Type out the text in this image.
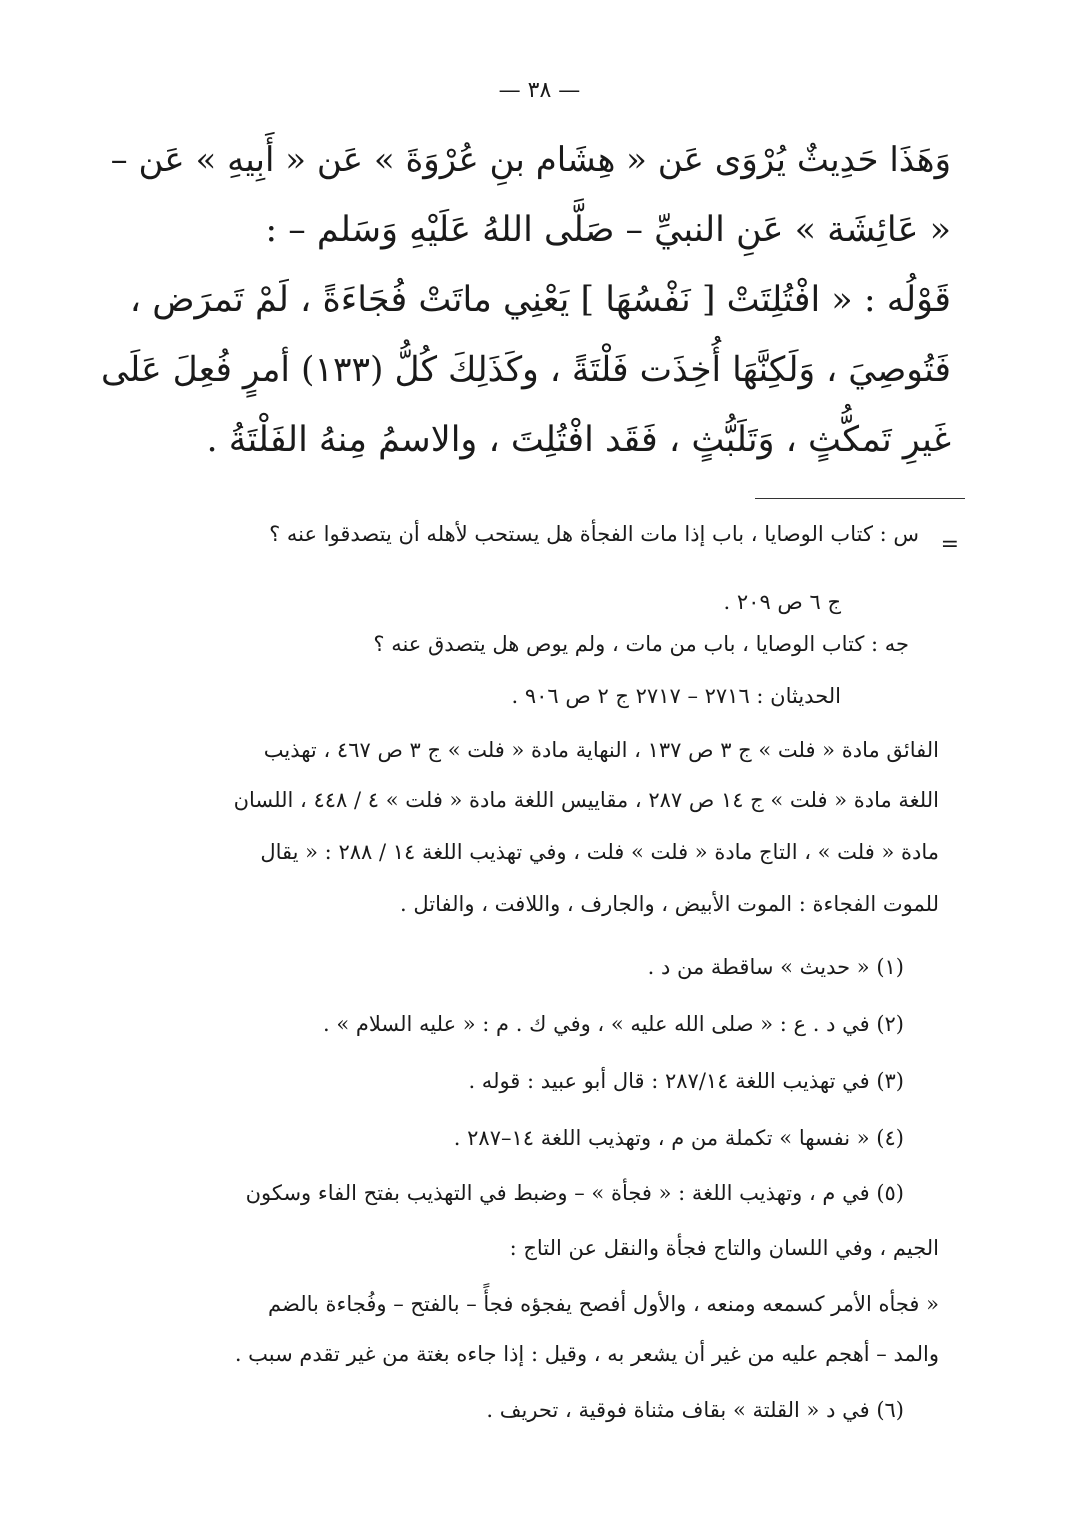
— ٣٨ —
وَهَذَا حَدِيثٌ يُرْوَى عَن « هِشَام بنِ عُرْوَةَ » عَن « أَبِيهِ » عَن –
« عَائِشَة » عَنِ النبيِّ – صَلَّى اللهُ عَلَيْهِ وَسَلم – :
قَوْلُه : « افْتُلِتَتْ [ نَفْسُهَا ] يَعْنِي ماتَتْ فُجَاءَةً ، لَمْ تَمرَض ،
فَتُوصِيَ ، وَلَكِنَّهَا أُخِذَت فَلْتَةً ، وكَذَلِكَ كُلُّ (١٣٣) أمرٍ فُعِلَ عَلَى
غَيرِ تَمكُّثٍ ، وَتَلَبُّثٍ ، فَقَد افْتُلِتَ ، والاسمُ مِنهُ الفَلْتَةُ .
=
س : كتاب الوصايا ، باب إذا مات الفجأة هل يستحب لأهله أن يتصدقوا عنه ؟
ج ٦ ص ٢٠٩ .
جه : كتاب الوصايا ، باب من مات ، ولم يوص هل يتصدق عنه ؟
الحديثان : ٢٧١٦ – ٢٧١٧ ج ٢ ص ٩٠٦ .
الفائق مادة « فلت » ج ٣ ص ١٣٧ ، النهاية مادة « فلت » ج ٣ ص ٤٦٧ ، تهذيب
اللغة مادة « فلت » ج ١٤ ص ٢٨٧ ، مقاييس اللغة مادة « فلت » ٤ / ٤٤٨ ، اللسان
مادة « فلت » ، التاج مادة « فلت » فلت ، وفي تهذيب اللغة ١٤ / ٢٨٨ : « يقال
للموت الفجاءة : الموت الأبيض ، والجارف ، واللافت ، والفاتل .
(١) « حديث » ساقطة من د .
(٢) في د . ع : « صلى الله عليه » ، وفي ك . م : « عليه السلام » .
(٣) في تهذيب اللغة ٢٨٧/١٤ : قال أبو عبيد : قوله .
(٤) « نفسها » تكملة من م ، وتهذيب اللغة ١٤–٢٨٧ .
(٥) في م ، وتهذيب اللغة : « فجأة » – وضبط في التهذيب بفتح الفاء وسكون
الجيم ، وفي اللسان والتاج فجأة والنقل عن التاج :
« فجأه الأمر كسمعه ومنعه ، والأول أفصح يفجؤه فجأً – بالفتح – وفُجاءة بالضم
والمد – أهجم عليه من غير أن يشعر به ، وقيل : إذا جاءه بغتة من غير تقدم سبب .
(٦) في د « القلتة » بقاف مثناة فوقية ، تحريف .
